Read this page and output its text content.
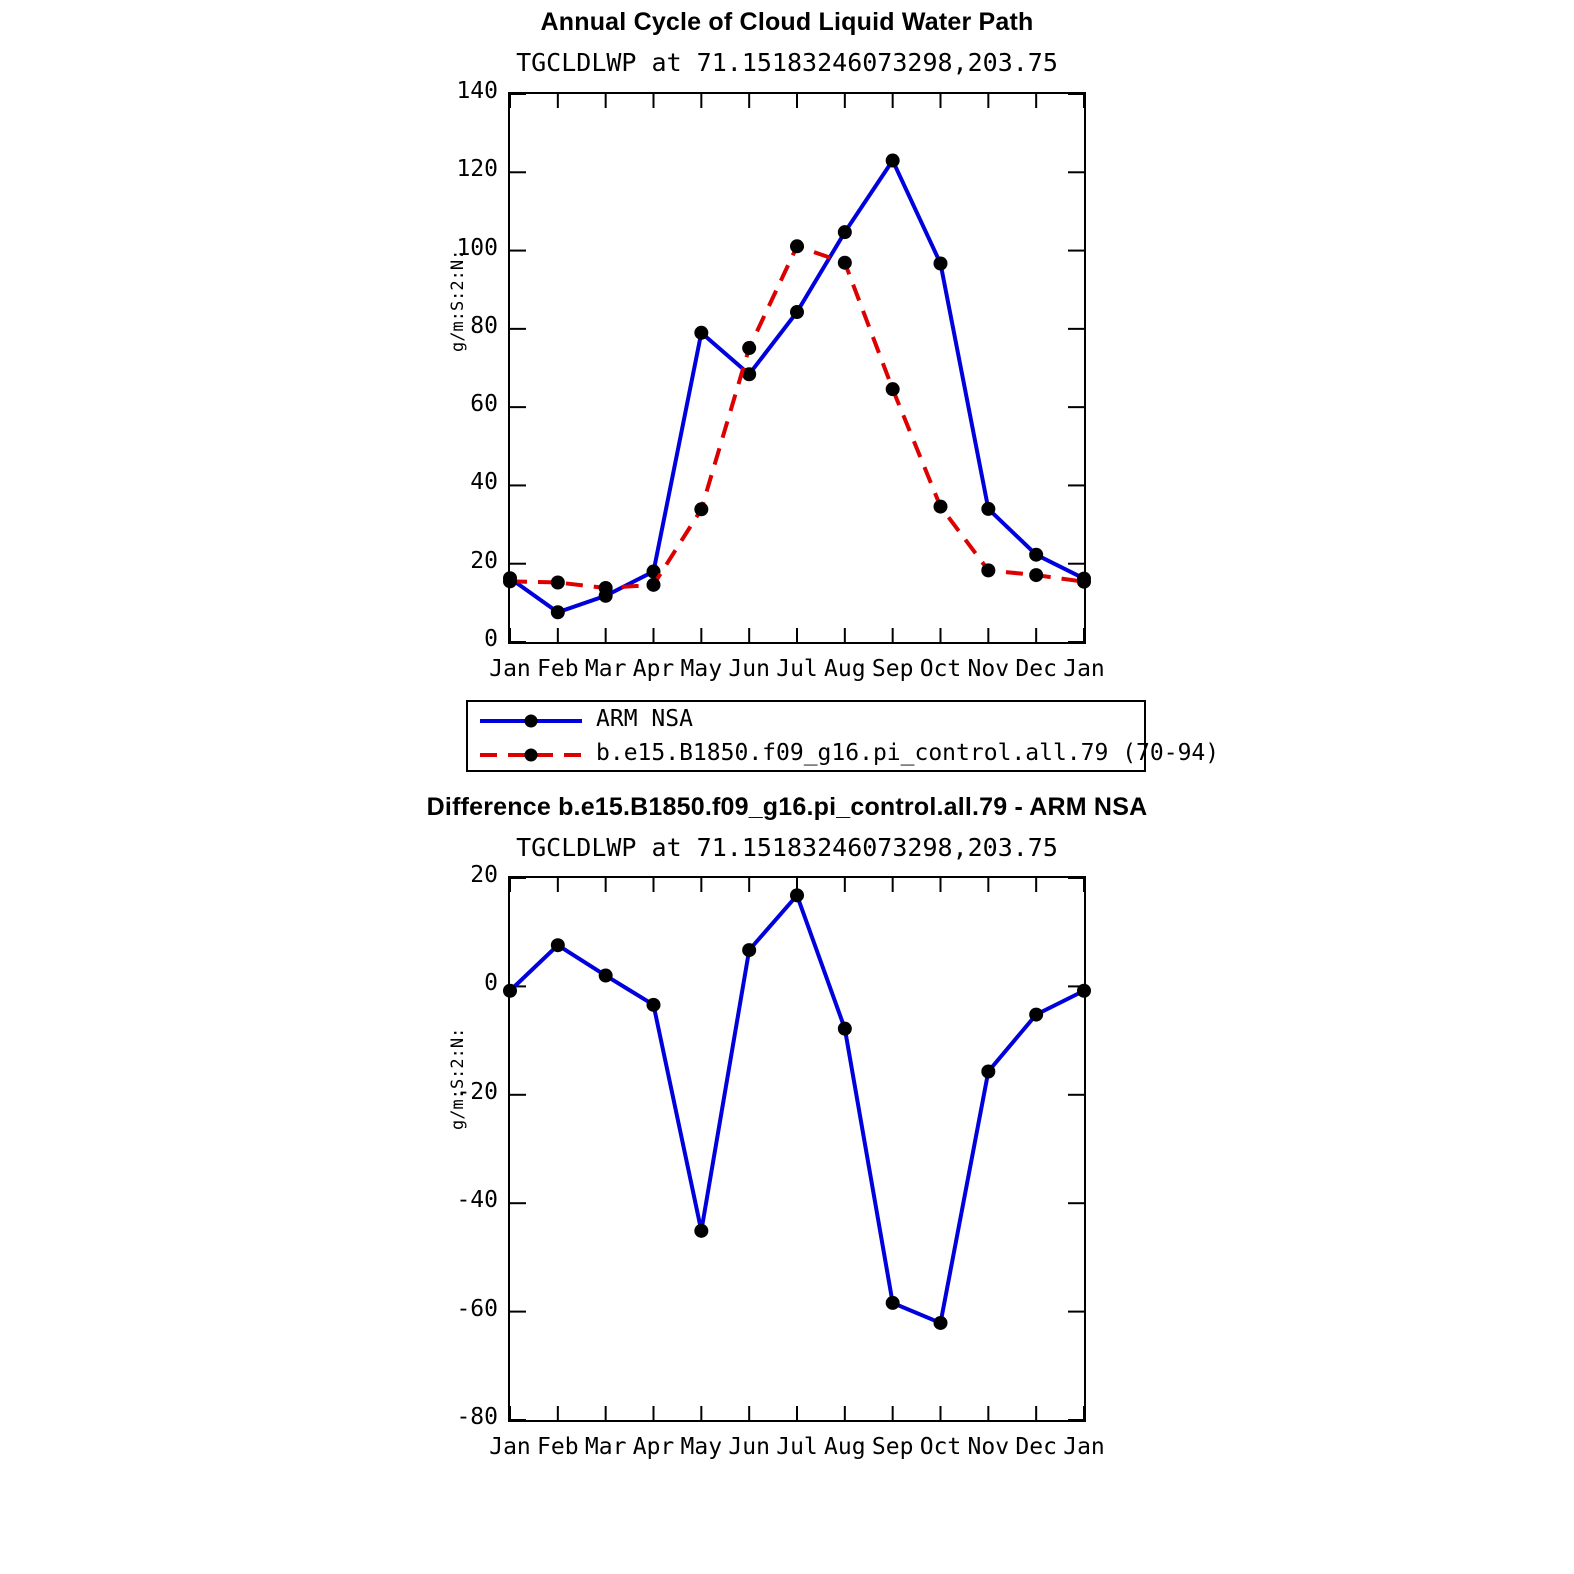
Annual Cycle of Cloud Liquid Water Path
TGCLDLWP at 71.15183246073298,203.75
g/m:S:2:N:
ARM NSA
b.e15.B1850.f09_g16.pi_control.all.79 (70-94)
0
20
40
60
80
100
120
140
Jan Feb Mar Apr May Jun Jul Aug Sep Oct Nov Dec Jan
Difference b.e15.B1850.f09_g16.pi_control.all.79 - ARM NSA
TGCLDLWP at 71.15183246073298,203.75
g/m:S:2:N:
-80
-60
-40
-20
0
20
Jan Feb Mar Apr May Jun Jul Aug Sep Oct Nov Dec Jan
